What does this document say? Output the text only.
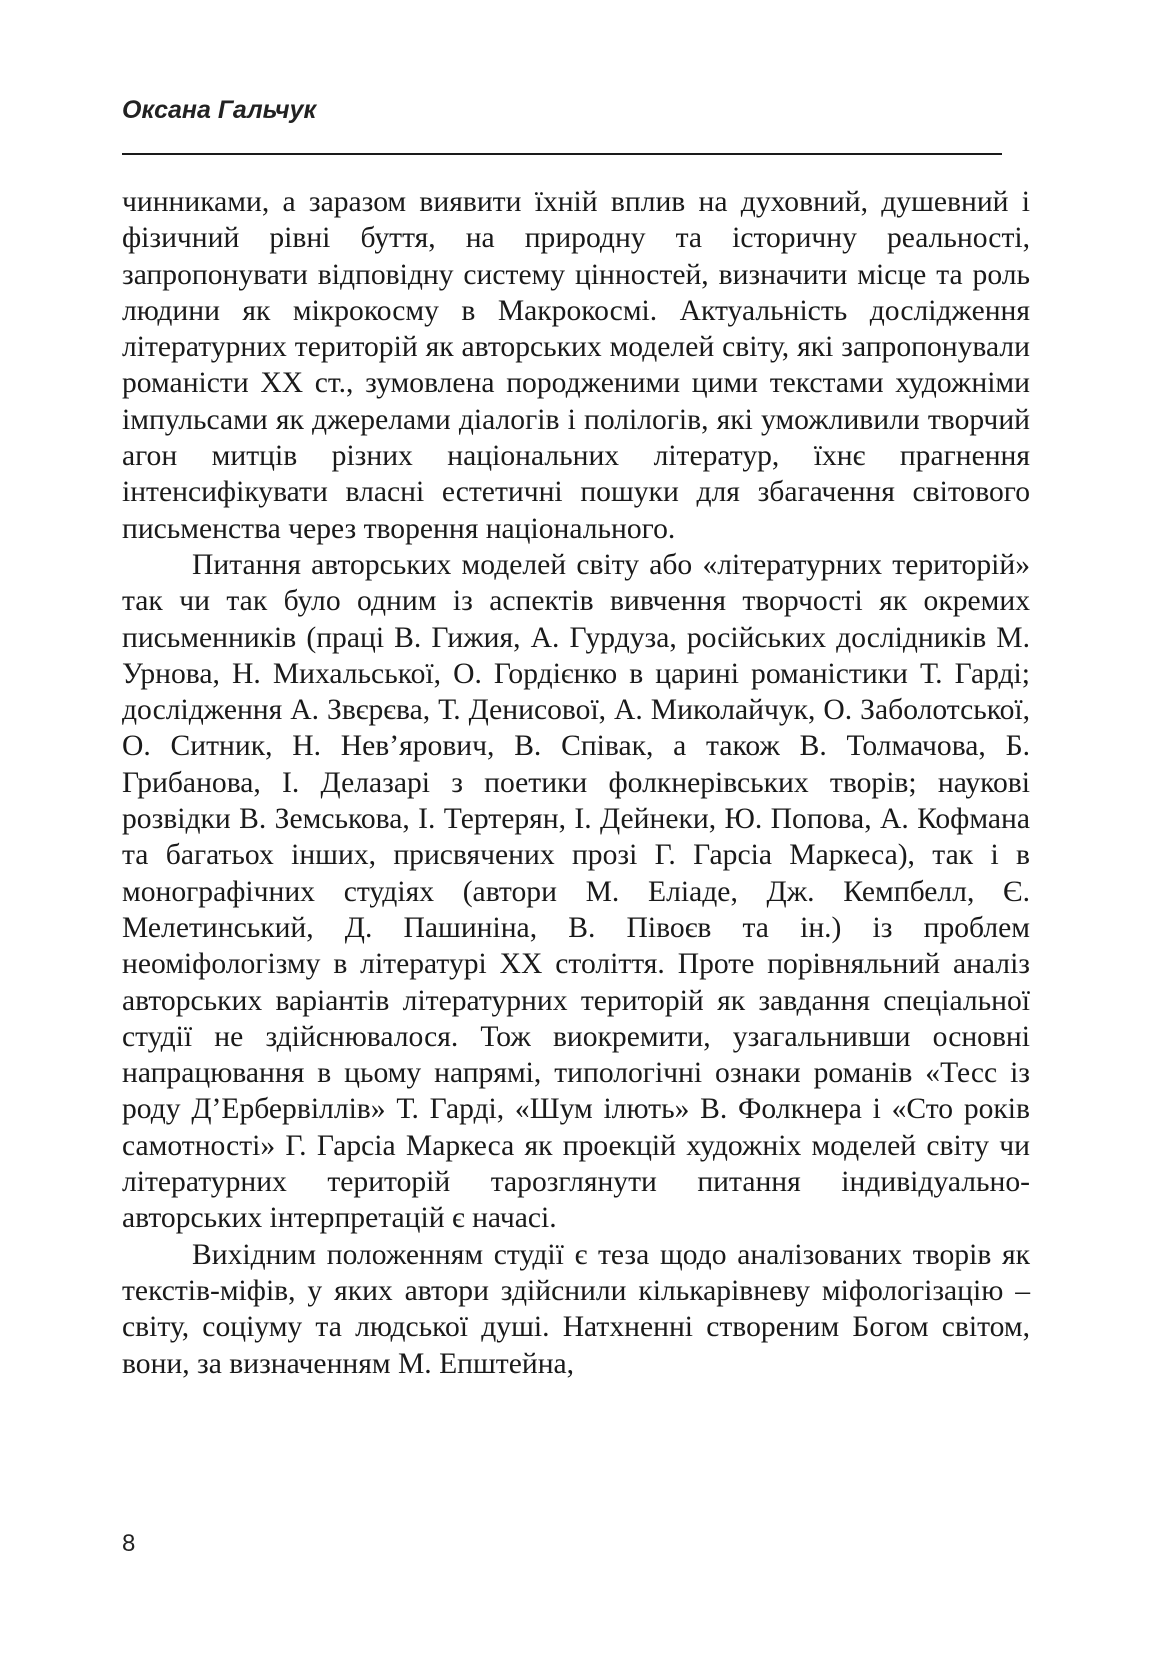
Оксана Гальчук

чинниками, а заразом виявити їхній вплив на духовний, душевний і фізичний рівні буття, на природну та історичну реальності, запропонувати відповідну систему цінностей, визначити місце та роль людини як мікрокосму в Макрокосмі. Актуальність дослідження літературних територій як авторських моделей світу, які запропонували романісти ХХ ст., зумовлена породженими цими текстами художніми імпульсами як джерелами діалогів і полілогів, які уможливили творчий агон митців різних національних літератур, їхнє прагнення інтенсифікувати власні естетичні пошуки для збагачення світового письменства через творення національного.

Питання авторських моделей світу або «літературних територій» так чи так було одним із аспектів вивчення творчості як окремих письменників (праці В. Гижия, А. Гурдуза, російських дослідників М. Урнова, Н. Михальської, О. Гордієнко в царині романістики Т. Гарді; дослідження А. Звєрєва, Т. Денисової, А. Миколайчук, О. Заболотської, О. Ситник, Н. Нев’ярович, В. Співак, а також В. Толмачова, Б. Грибанова, І. Делазарі з поетики фолкнерівських творів; наукові розвідки В. Земськова, І. Тертерян, І. Дейнеки, Ю. Попова, А. Кофмана та багатьох інших, присвячених прозі Г. Гарсіа Маркеса), так і в монографічних студіях (автори М. Еліаде, Дж. Кемпбелл, Є. Мелетинський, Д. Пашиніна, В. Півоєв та ін.) із проблем неоміфологізму в літературі ХХ століття. Проте порівняльний аналіз авторських варіантів літературних територій як завдання спеціальної студії не здійснювалося. Тож виокремити, узагальнивши основні напрацювання в цьому напрямі, типологічні ознаки романів «Тесс із роду Д’Ербервіллів» Т. Гарді, «Шум ілють» В. Фолкнера і «Сто років самотності» Г. Гарсіа Маркеса як проекцій художніх моделей світу чи літературних територій тарозглянути питання індивідуально-авторських інтерпретацій є начасі.

Вихідним положенням студії є теза щодо аналізованих творів як текстів-міфів, у яких автори здійснили кількарівневу міфологізацію – світу, соціуму та людської душі. Натхненні створеним Богом світом, вони, за визначенням М. Епштейна,

8
